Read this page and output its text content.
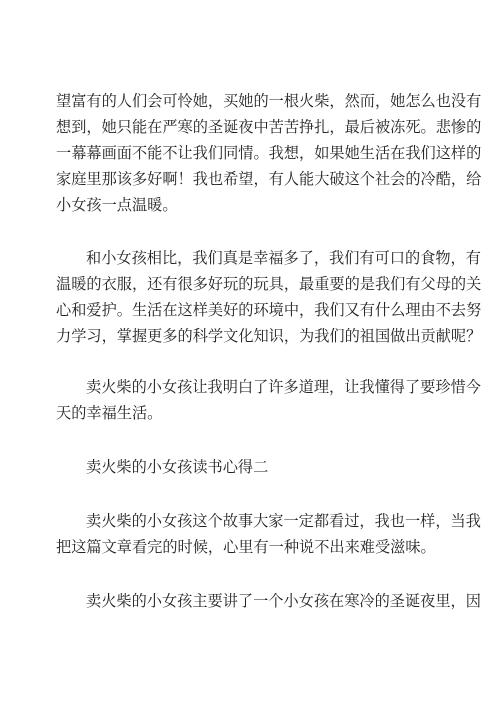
望富有的人们会可怜她，买她的一根火柴，然而，她怎么也没有
想到，她只能在严寒的圣诞夜中苦苦挣扎，最后被冻死。悲惨的
一幕幕画面不能不让我们同情。我想，如果她生活在我们这样的
家庭里那该多好啊！我也希望，有人能大破这个社会的冷酷，给
小女孩一点温暖。
和小女孩相比，我们真是幸福多了，我们有可口的食物，有
温暖的衣服，还有很多好玩的玩具，最重要的是我们有父母的关
心和爱护。生活在这样美好的环境中，我们又有什么理由不去努
力学习，掌握更多的科学文化知识，为我们的祖国做出贡献呢？
卖火柴的小女孩让我明白了许多道理，让我懂得了要珍惜今
天的幸福生活。
卖火柴的小女孩读书心得二
卖火柴的小女孩这个故事大家一定都看过，我也一样，当我
把这篇文章看完的时候，心里有一种说不出来难受滋味。
卖火柴的小女孩主要讲了一个小女孩在寒冷的圣诞夜里，因
